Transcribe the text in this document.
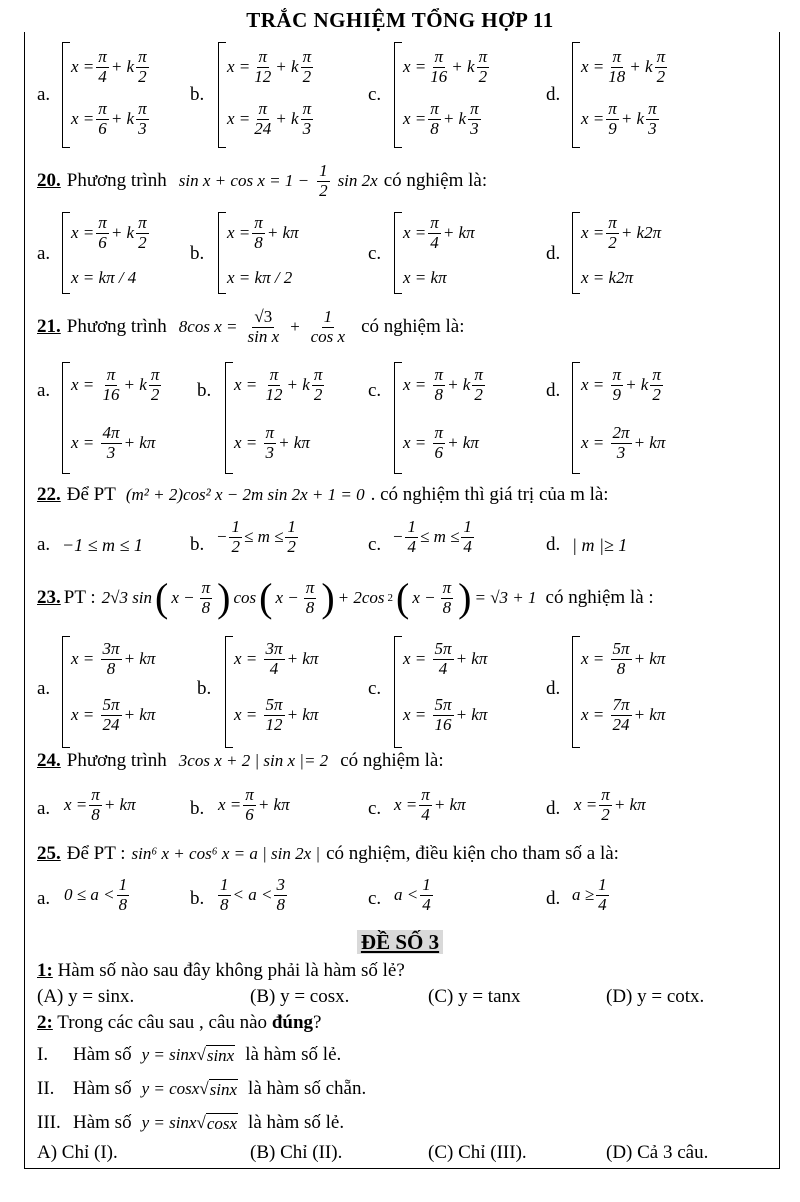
TRẮC NGHIỆM TỔNG HỢP 11
a.
$x = \frac{\pi}{4} + k$
π
2
$x = \frac{\pi}{6} + k$
π
3
b.
$x = \frac{\pi}{12} + k$
π
2
$x = \frac{\pi}{24} + k$
π
3
c.
$x = \frac{\pi}{16} + k$
π
2
$x = \frac{\pi}{8} + k$
π
3
d.
$x = \frac{\pi}{18} + k$
π
2
$x = \frac{\pi}{9} + k$
π
3
20. Phương trình $\sin x + \cos x = 1 - \frac{1}{2}$ sin 2x có nghiệm là:
a.
$x = \frac{\pi}{6} + k$
π
2
x = kπ / 4
b.
$x = \frac{\pi}{8} + k\pi$
x = kπ / 2
c.
$x = \frac{\pi}{4} + k\pi$
x = kπ
d.
$x = \frac{\pi}{2} + k2\pi$
x = k2π
21. Phương trình 8cos $x = \frac{√3}{\text{sin x}} + \frac{1}{\text{cos x}}$ có nghiệm là:
a. x =
π
16 + k
π
2
x =
4π
3 + kπ
b. x =
π
12 + k
π
2
x =
π
3 + kπ
c. x =
π
8 + k
π
2
x =
π
6 + kπ
d. x =
π
9 + k
π
2
x =
2π
3 + kπ
22. Để PT (m² + 2)cos² x − 2m sin 2x + 1 = 0 . có nghiệm thì giá trị của m là:
a. −1 ≤ m ≤ 1 b. − $\frac{1}{2} \le m \le \frac{1}{2}$	c. − $\frac{1}{4} \le m \le \frac{1}{4}$	d. | m |≥ 1
23. PT : 2√3 sin ( $x - \frac{\pi}{8}$ ) cos ( $x - \frac{\pi}{8}$ ) + 2cos 2 ( $x - \frac{\pi}{8}$ ) = √3 + 1 có nghiệm là :
a.
x =
3π
8 + kπ
x =
5π
24 + kπ
b.
x =
3π
4 + kπ
x =
5π
12 + kπ
c.
x =
5π
4 + kπ
x =
5π
16 + kπ
d.
x =
5π
8 + kπ
x =
7π
24 + kπ
24. Phương trình 3cos x + 2 | sin x |= 2 có nghiệm là:
a. $x = \frac{\pi}{8} + k\pi$	b. $x = \frac{\pi}{6} + k\pi$	c. $x = \frac{\pi}{4} + k\pi$	d. $x = \frac{\pi}{2} + k\pi$
25. Để PT : sin⁶ x + cos⁶ x = a | sin 2x | có nghiệm, điều kiện cho tham số a là:
a. 0 ≤ a <
1
8	b.
1
8 < a <
3
8	c. a <
1
4	d. $a \ge \frac{1}{4}$
ĐỀ SỐ 3
1: Hàm số nào sau đây không phải là hàm số lẻ?
(A) y = sinx.	(B) y = cosx.	(C) y = tanx	(D) y = cotx.
2: Trong các câu sau , câu nào đúng?
I.	Hàm số y = sinx √ sinx là hàm số lẻ.
II. Hàm số y = cosx √ sinx là hàm số chẵn.
III. Hàm số y = sinx √ cosx là hàm số lẻ.
A) Chỉ (I).	(B) Chỉ (II).	(C) Chỉ (III).	(D) Cả 3 câu.
